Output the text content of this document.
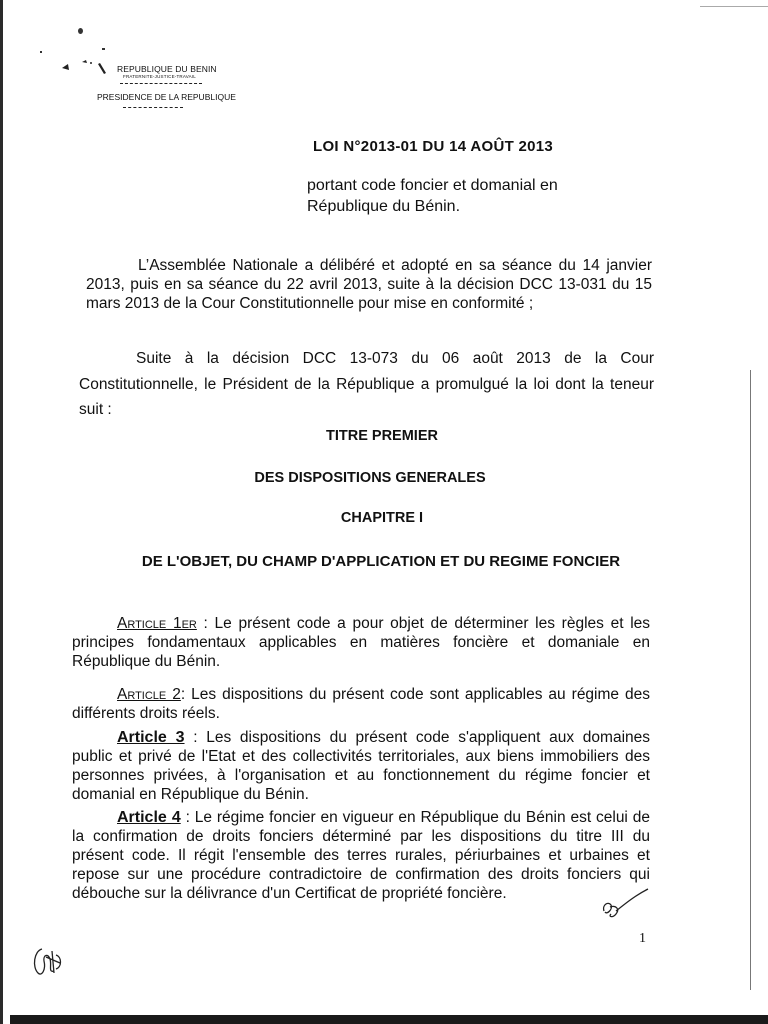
REPUBLIQUE DU BENIN
FRATERNITE-JUSTICE-TRAVAIL
PRESIDENCE DE LA REPUBLIQUE
LOI N°2013-01 DU 14 AOÛT 2013
portant code foncier et domanial en République du Bénin.
L’Assemblée Nationale a délibéré et adopté en sa séance du 14 janvier 2013, puis en sa séance du 22 avril 2013, suite à la décision DCC 13-031 du 15 mars 2013 de la Cour Constitutionnelle pour mise en conformité ;
Suite à la décision DCC 13-073 du 06 août 2013 de la Cour Constitutionnelle, le Président de la République a promulgué la loi dont la teneur suit :
TITRE PREMIER
DES DISPOSITIONS GENERALES
CHAPITRE I
DE L'OBJET, DU CHAMP D'APPLICATION ET DU REGIME FONCIER
Article 1er : Le présent code a pour objet de déterminer les règles et les principes fondamentaux applicables en matières foncière et domaniale en République du Bénin.
Article 2: Les dispositions du présent code sont applicables au régime des différents droits réels.
Article 3 : Les dispositions du présent code s'appliquent aux domaines public et privé de l'Etat et des collectivités territoriales, aux biens immobiliers des personnes privées, à l'organisation et au fonctionnement du régime foncier et domanial en République du Bénin.
Article 4 : Le régime foncier en vigueur en République du Bénin est celui de la confirmation de droits fonciers déterminé par les dispositions du titre III du présent code. Il régit l'ensemble des terres rurales, périurbaines et urbaines et repose sur une procédure contradictoire de confirmation des droits fonciers qui débouche sur la délivrance d'un Certificat de propriété foncière.
1
